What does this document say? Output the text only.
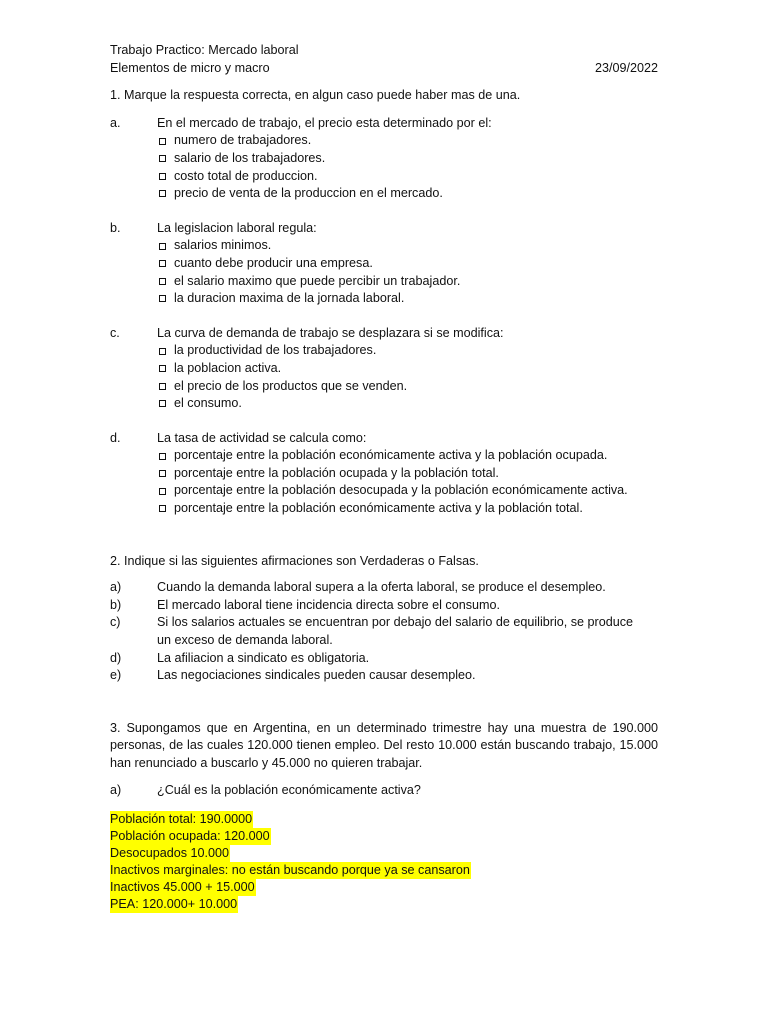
Trabajo Practico: Mercado laboral
Elementos de micro y macro	23/09/2022
1. Marque la respuesta correcta, en algun caso puede haber mas de una.
a.	En el mercado de trabajo, el precio esta determinado por el:
numero de trabajadores.
salario de los trabajadores.
costo total de produccion.
precio de venta de la produccion en el mercado.
b.	La legislacion laboral regula:
salarios minimos.
cuanto debe producir una empresa.
el salario maximo que puede percibir un trabajador.
la duracion maxima de la jornada laboral.
c.	La curva de demanda de trabajo se desplazara si se modifica:
la productividad de los trabajadores.
la poblacion activa.
el precio de los productos que se venden.
el consumo.
d.	La tasa de actividad se calcula como:
porcentaje entre la población económicamente activa y la población ocupada.
porcentaje entre la población ocupada y la población total.
porcentaje entre la población desocupada y la población económicamente activa.
porcentaje entre la población económicamente activa y la población total.
2. Indique si las siguientes afirmaciones son Verdaderas o Falsas.
a)	Cuando la demanda laboral supera a la oferta laboral, se produce el desempleo.
b)	El mercado laboral tiene incidencia directa sobre el consumo.
c)	Si los salarios actuales se encuentran por debajo del salario de equilibrio, se produce un exceso de demanda laboral.
d)	La afiliacion a sindicato es obligatoria.
e)	Las negociaciones sindicales pueden causar desempleo.
3. Supongamos que en Argentina, en un determinado trimestre hay una muestra de 190.000 personas, de las cuales 120.000 tienen empleo. Del resto 10.000 están buscando trabajo, 15.000 han renunciado a buscarlo y 45.000 no quieren trabajar.
a)	¿Cuál es la población económicamente activa?
Población total: 190.0000
Población ocupada: 120.000
Desocupados 10.000
Inactivos marginales: no están buscando porque ya se cansaron
Inactivos 45.000 + 15.000
PEA: 120.000+ 10.000
